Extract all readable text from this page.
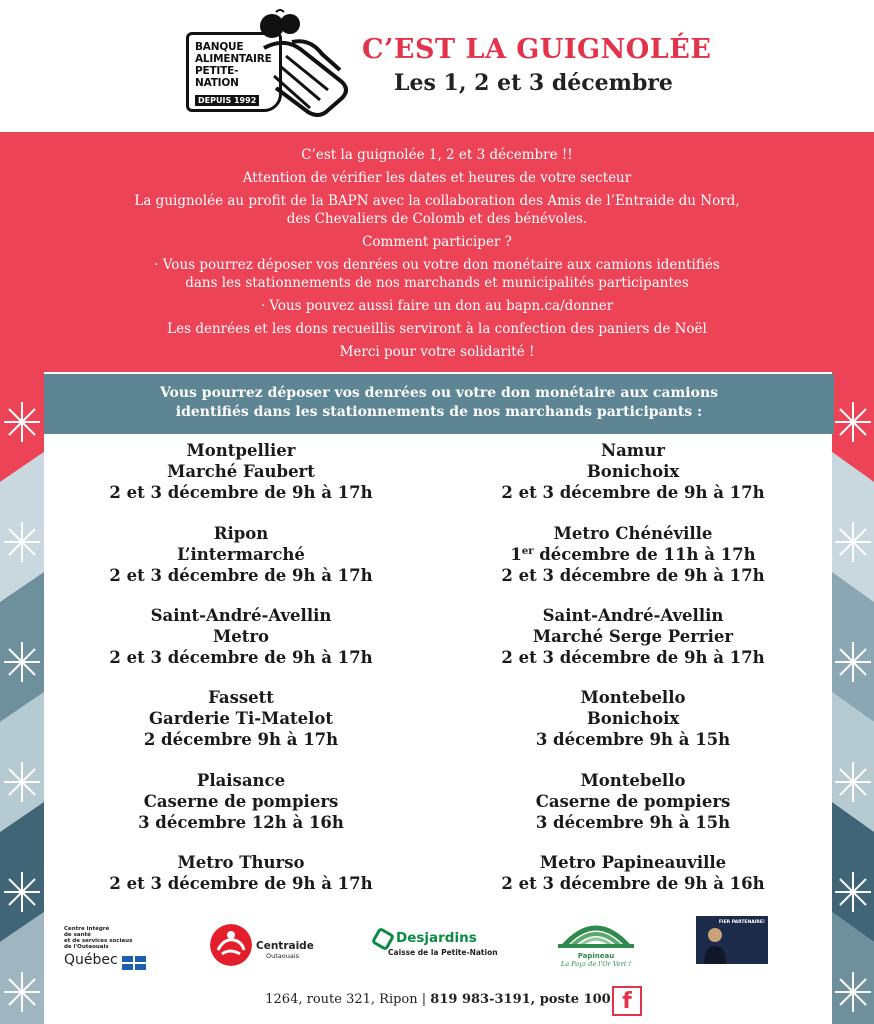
BANQUE
ALIMENTAIRE
PETITE-NATION
DEPUIS 1992
C’EST LA GUIGNOLÉE
Les 1, 2 et 3 décembre

C’est la guignolée 1, 2 et 3 décembre !!

Attention de vérifier les dates et heures de votre secteur

La guignolée au profit de la BAPN avec la collaboration des Amis de l’Entraide du Nord,
des Chevaliers de Colomb et des bénévoles.

Comment participer ?

· Vous pourrez déposer vos denrées ou votre don monétaire aux camions identifiés
dans les stationnements de nos marchands et municipalités participantes

· Vous pouvez aussi faire un don au bapn.ca/donner

Les denrées et les dons recueillis serviront à la confection des paniers de Noël

Merci pour votre solidarité !

Vous pourrez déposer vos denrées ou votre don monétaire aux camions
identifiés dans les stationnements de nos marchands participants :
Montpellier
Marché Faubert
2 et 3 décembre de 9h à 17h
Ripon
L’intermarché
2 et 3 décembre de 9h à 17h
Saint-André-Avellin
Metro
2 et 3 décembre de 9h à 17h
Fassett
Garderie Ti-Matelot
2 décembre 9h à 17h
Plaisance
Caserne de pompiers
3 décembre 12h à 16h
Metro Thurso
2 et 3 décembre de 9h à 17h
Namur
Bonichoix
2 et 3 décembre de 9h à 17h
Metro Chénéville
1er décembre de 11h à 17h
2 et 3 décembre de 9h à 17h
Saint-André-Avellin
Marché Serge Perrier
2 et 3 décembre de 9h à 17h
Montebello
Bonichoix
3 décembre 9h à 15h
Montebello
Caserne de pompiers
3 décembre 9h à 15h
Metro Papineauville
2 et 3 décembre de 9h à 16h
Centre intégré
de santé
et de services sociaux
de l'Outaouais
Québec
Centraide
Outaouais
Desjardins
Caisse de la Petite-Nation	Papineau
La Payz de l'Or Vert !
FIER PARTENAIRE!
1264, route 321, Ripon | 819 983-3191, poste 100 f
